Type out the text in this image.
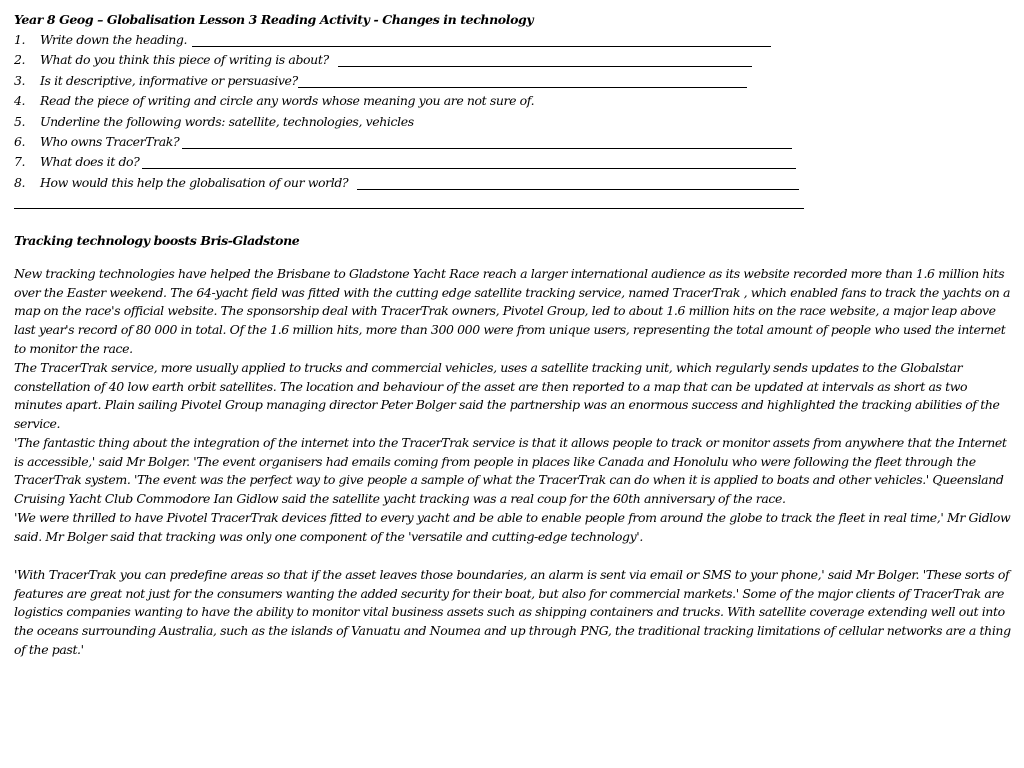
Year 8 Geog – Globalisation Lesson 3 Reading Activity - Changes in technology
1. Write down the heading.
2. What do you think this piece of writing is about?
3. Is it descriptive, informative or persuasive?
4. Read the piece of writing and circle any words whose meaning you are not sure of.
5. Underline the following words: satellite, technologies, vehicles
6. Who owns TracerTrak?
7. What does it do?
8. How would this help the globalisation of our world?
Tracking technology boosts Bris-Gladstone

New tracking technologies have helped the Brisbane to Gladstone Yacht Race reach a larger international audience as its website recorded more than 1.6 million hits over the Easter weekend. The 64-yacht field was fitted with the cutting edge satellite tracking service, named TracerTrak , which enabled fans to track the yachts on a map on the race's official website. The sponsorship deal with TracerTrak owners, Pivotel Group, led to about 1.6 million hits on the race website, a major leap above last year's record of 80 000 in total. Of the 1.6 million hits, more than 300 000 were from unique users, representing the total amount of people who used the internet to monitor the race.

The TracerTrak service, more usually applied to trucks and commercial vehicles, uses a satellite tracking unit, which regularly sends updates to the Globalstar constellation of 40 low earth orbit satellites. The location and behaviour of the asset are then reported to a map that can be updated at intervals as short as two minutes apart. Plain sailing Pivotel Group managing director Peter Bolger said the partnership was an enormous success and highlighted the tracking abilities of the service.

'The fantastic thing about the integration of the internet into the TracerTrak service is that it allows people to track or monitor assets from anywhere that the Internet is accessible,' said Mr Bolger. 'The event organisers had emails coming from people in places like Canada and Honolulu who were following the fleet through the TracerTrak system. 'The event was the perfect way to give people a sample of what the TracerTrak can do when it is applied to boats and other vehicles.' Queensland Cruising Yacht Club Commodore Ian Gidlow said the satellite yacht tracking was a real coup for the 60th anniversary of the race.

'We were thrilled to have Pivotel TracerTrak devices fitted to every yacht and be able to enable people from around the globe to track the fleet in real time,' Mr Gidlow said. Mr Bolger said that tracking was only one component of the 'versatile and cutting-edge technology'.

'With TracerTrak you can predefine areas so that if the asset leaves those boundaries, an alarm is sent via email or SMS to your phone,' said Mr Bolger. 'These sorts of features are great not just for the consumers wanting the added security for their boat, but also for commercial markets.' Some of the major clients of TracerTrak are logistics companies wanting to have the ability to monitor vital business assets such as shipping containers and trucks. With satellite coverage extending well out into the oceans surrounding Australia, such as the islands of Vanuatu and Noumea and up through PNG, the traditional tracking limitations of cellular networks are a thing of the past.'
